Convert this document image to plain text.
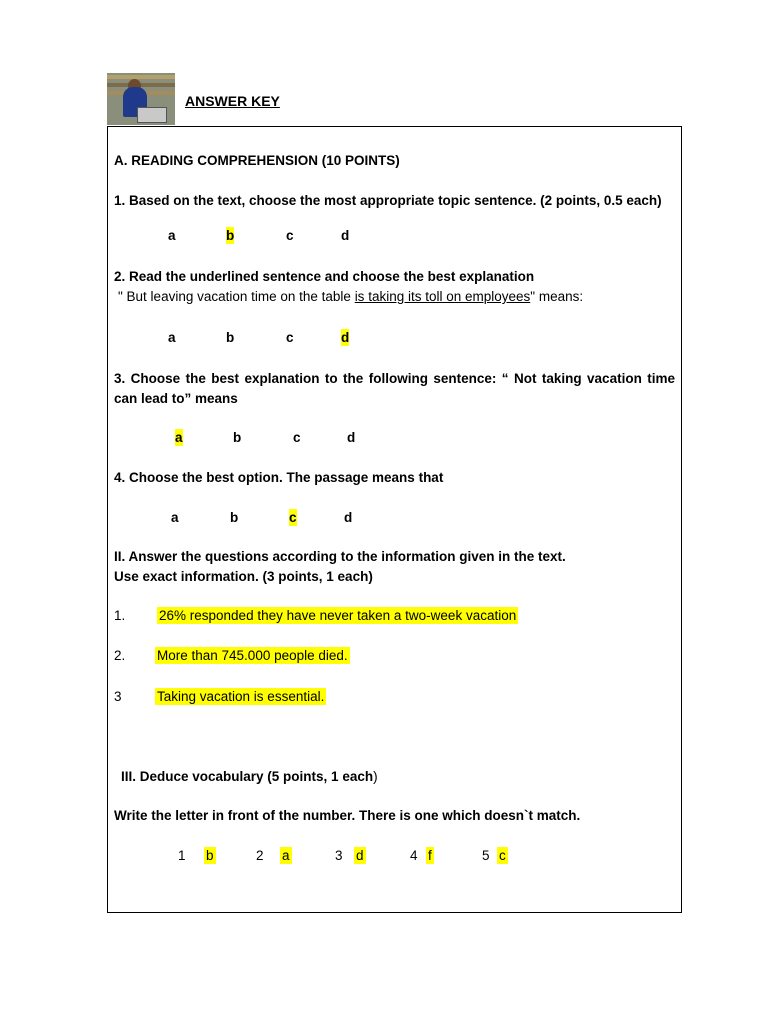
ANSWER KEY
A. READING COMPREHENSION (10 POINTS)
1. Based on the text, choose the most appropriate topic sentence. (2 points, 0.5 each)
a	b	c	d
2. Read the underlined sentence and choose the best explanation
" But leaving vacation time on the table is taking its toll on employees" means:
a	b	c	d
3. Choose the best explanation to the following sentence: “ Not taking vacation time can lead to” means
a	b	c	d
4. Choose the best option. The passage means that
a	b	c	d
II. Answer the questions according to the information given in the text.
Use exact information. (3 points, 1 each)
1. 26% responded they have never taken a two-week vacation
2. More than 745.000 people died.
3	Taking vacation is essential.
III. Deduce vocabulary (5 points, 1 each)
Write the letter in front of the number. There is one which doesn`t match.
1 b	2 a	3 d	4 f	5 c
